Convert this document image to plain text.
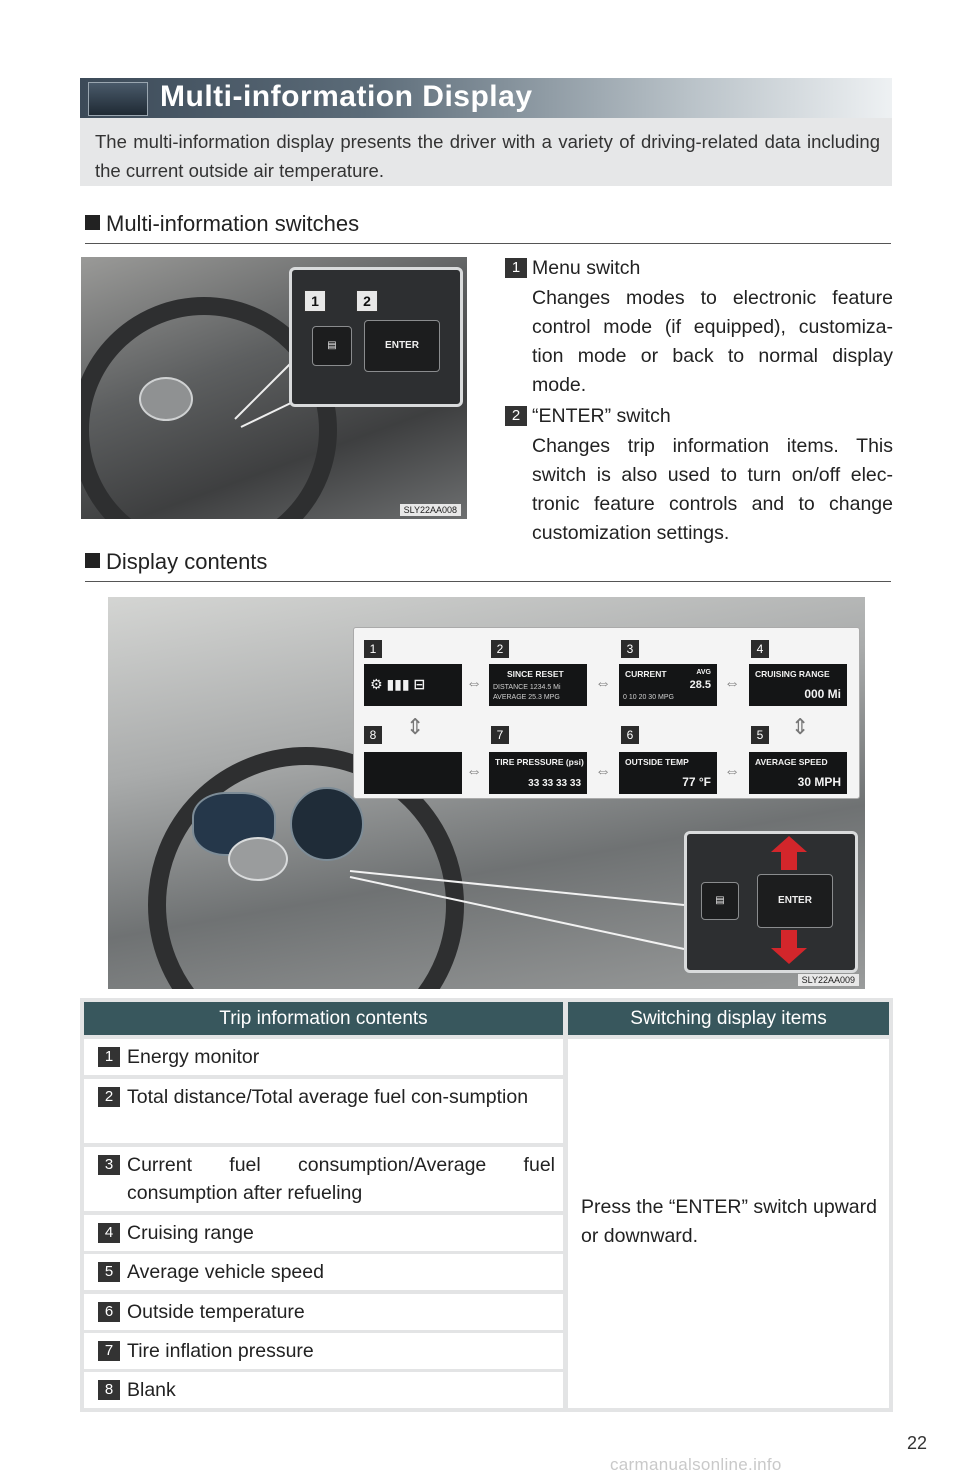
Multi-information Display
The multi-information display presents the driver with a variety of driving-related data including the current outside air temperature.
Multi-information switches
1	2
▤	ENTER
SLY22AA008
1 Menu switch
Changes modes to electronic feature control mode (if equipped), customiza-tion mode or back to normal display mode.
2 “ENTER” switch
Changes trip information items. This switch is also used to turn on/off elec-tronic feature controls and to change customization settings.
Display contents
1	2	3	4
⚙ ▮▮▮ ⊟
SINCE RESET
DISTANCE 1234.5 Mi
AVERAGE 25.3 MPG
CURRENT	AVG
28.5
0 10 20 30 MPG
CRUISING RANGE
000 Mi
8	7	6	5
TIRE PRESSURE (psi)
33 33 33 33
OUTSIDE TEMP
77 °F
AVERAGE SPEED
30 MPH
⇔	⇔	⇔
⇔	⇔	⇔
⇕	⇕
▤	ENTER
SLY22AA009
Trip information contents	Switching display items
1 Energy monitor
2 Total distance/Total average fuel con-sumption
3 Current fuel consumption/Average fuel consumption after refueling
4 Cruising range
5 Average vehicle speed
6 Outside temperature
7 Tire inflation pressure
8 Blank
Press the “ENTER” switch upward or downward.
22
carmanualsonline.info
